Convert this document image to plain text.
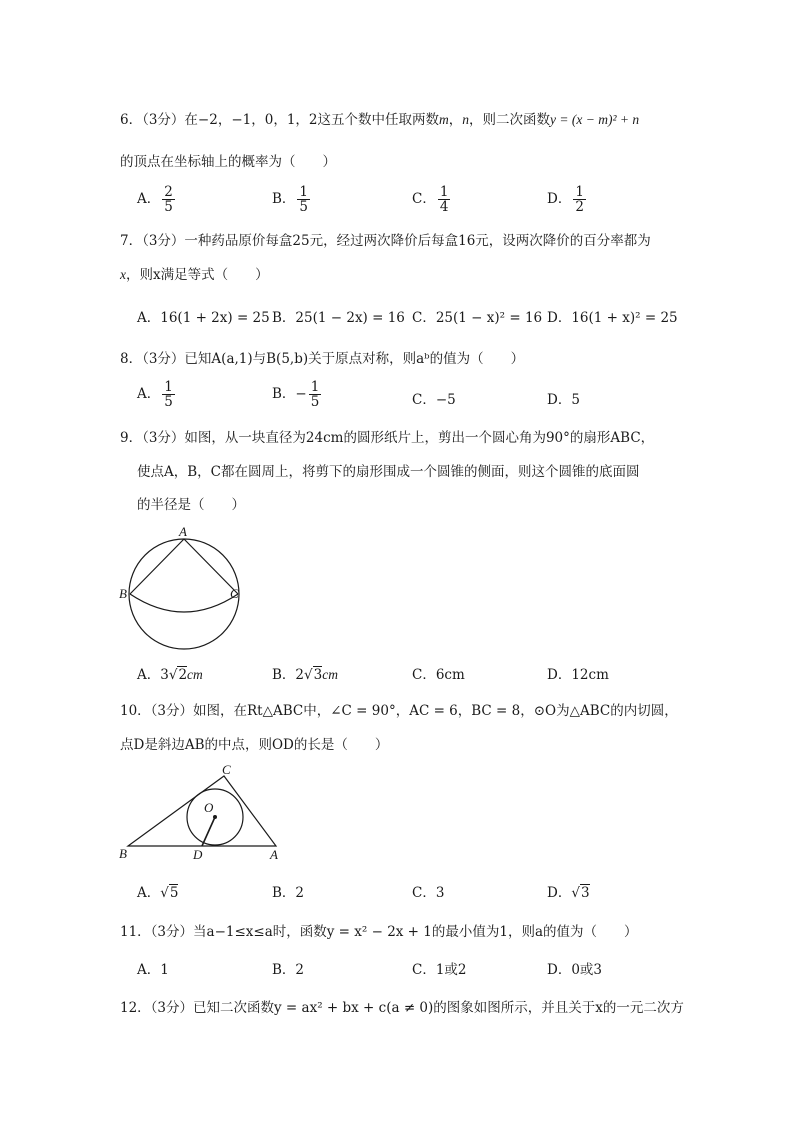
6．（3分）在−2，−1，0，1，2这五个数中任取两数m，n，则二次函数y = (x − m)² + n
的顶点在坐标轴上的概率为（　　）
A． $\frac{2}{5}$	B． $\frac{1}{5}$	C． $\frac{1}{4}$	D． $\frac{1}{2}$
7．（3分）一种药品原价每盒25元，经过两次降价后每盒16元，设两次降价的百分率都为
x，则x满足等式（　　）
A．16(1 + 2x) = 25 B．25(1 − 2x) = 16 C．25(1 − x)² = 16 D．16(1 + x)² = 25
8．（3分）已知A(a,1)与B(5,b)关于原点对称，则aᵇ的值为（　　）
A． $\frac{1}{5}$	B．− $\frac{1}{5}$	C．−5	D．5
9．（3分）如图，从一块直径为24cm的圆形纸片上，剪出一个圆心角为90°的扇形ABC，
使点A，B，C都在圆周上，将剪下的扇形围成一个圆锥的侧面，则这个圆锥的底面圆
的半径是（　　）
A
B	C
A．3√2cm	B．2√3cm	C．6cm	D．12cm
10．（3分）如图，在Rt△ABC中，∠C = 90°，AC = 6，BC = 8，⊙O为△ABC的内切圆，
点D是斜边AB的中点，则OD的长是（　　）
C
O
B	D	A
A．√5	B．2	C．3	D．√3
11．（3分）当a−1≤x≤a时，函数y = x² − 2x + 1的最小值为1，则a的值为（　　）
A．1	B．2	C．1或2	D．0或3
12．（3分）已知二次函数y = ax² + bx + c(a ≠ 0)的图象如图所示，并且关于x的一元二次方
